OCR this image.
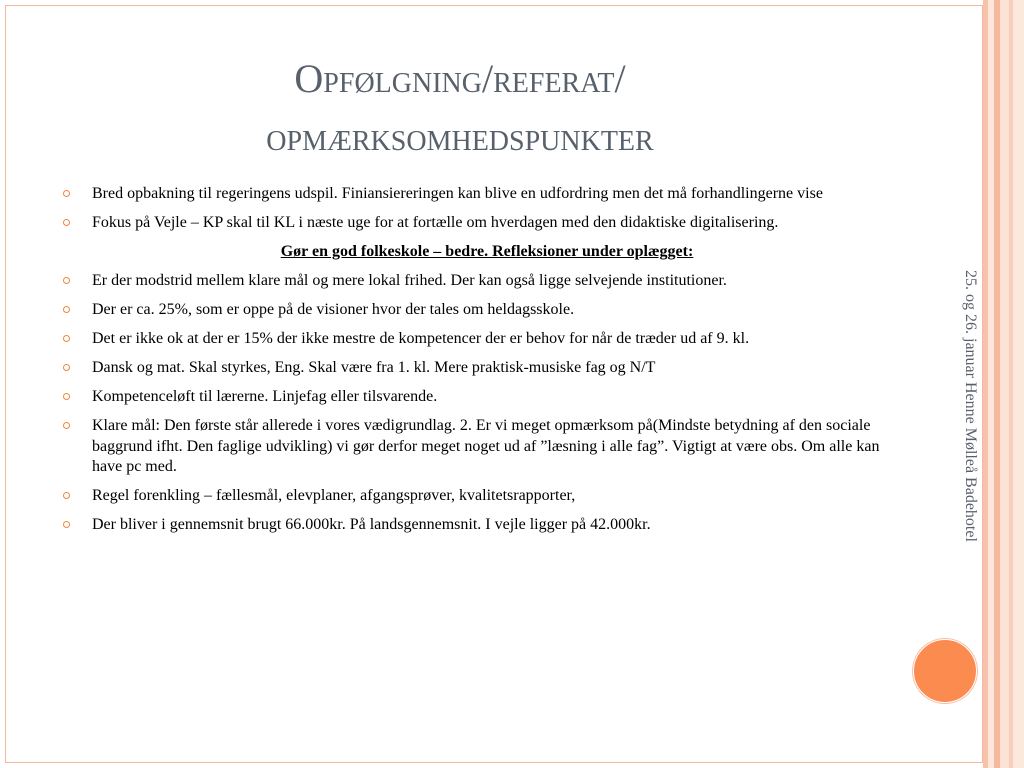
Opfølgning/referat/
opmærksomhedspunkter
Bred opbakning til regeringens udspil. Finiansiereringen kan blive en udfordring men det må forhandlingerne vise
Fokus på Vejle – KP skal til KL i næste uge for at fortælle om hverdagen med den didaktiske digitalisering.
Gør en god folkeskole – bedre. Refleksioner under oplægget:
Er der modstrid mellem klare mål og mere lokal frihed. Der kan også ligge selvejende institutioner.
Der er ca. 25%, som er oppe på de visioner hvor der tales om heldagsskole.
Det er ikke ok at der er 15% der ikke mestre de kompetencer der er behov for når de træder ud af 9. kl.
Dansk og mat. Skal styrkes, Eng. Skal være fra 1. kl. Mere praktisk-musiske fag og N/T
Kompetenceløft til lærerne. Linjefag eller tilsvarende.
Klare mål: Den første står allerede i vores vædigrundlag. 2. Er vi meget opmærksom på(Mindste betydning af den sociale baggrund ifht. Den faglige udvikling) vi gør derfor meget noget ud af ”læsning i alle fag”. Vigtigt at være obs. Om alle kan have pc med.
Regel forenkling – fællesmål, elevplaner, afgangsprøver, kvalitetsrapporter,
Der bliver i gennemsnit brugt 66.000kr. På landsgennemsnit. I vejle ligger på 42.000kr.	25. og 26. januar Henne Mølleå Badehotel
